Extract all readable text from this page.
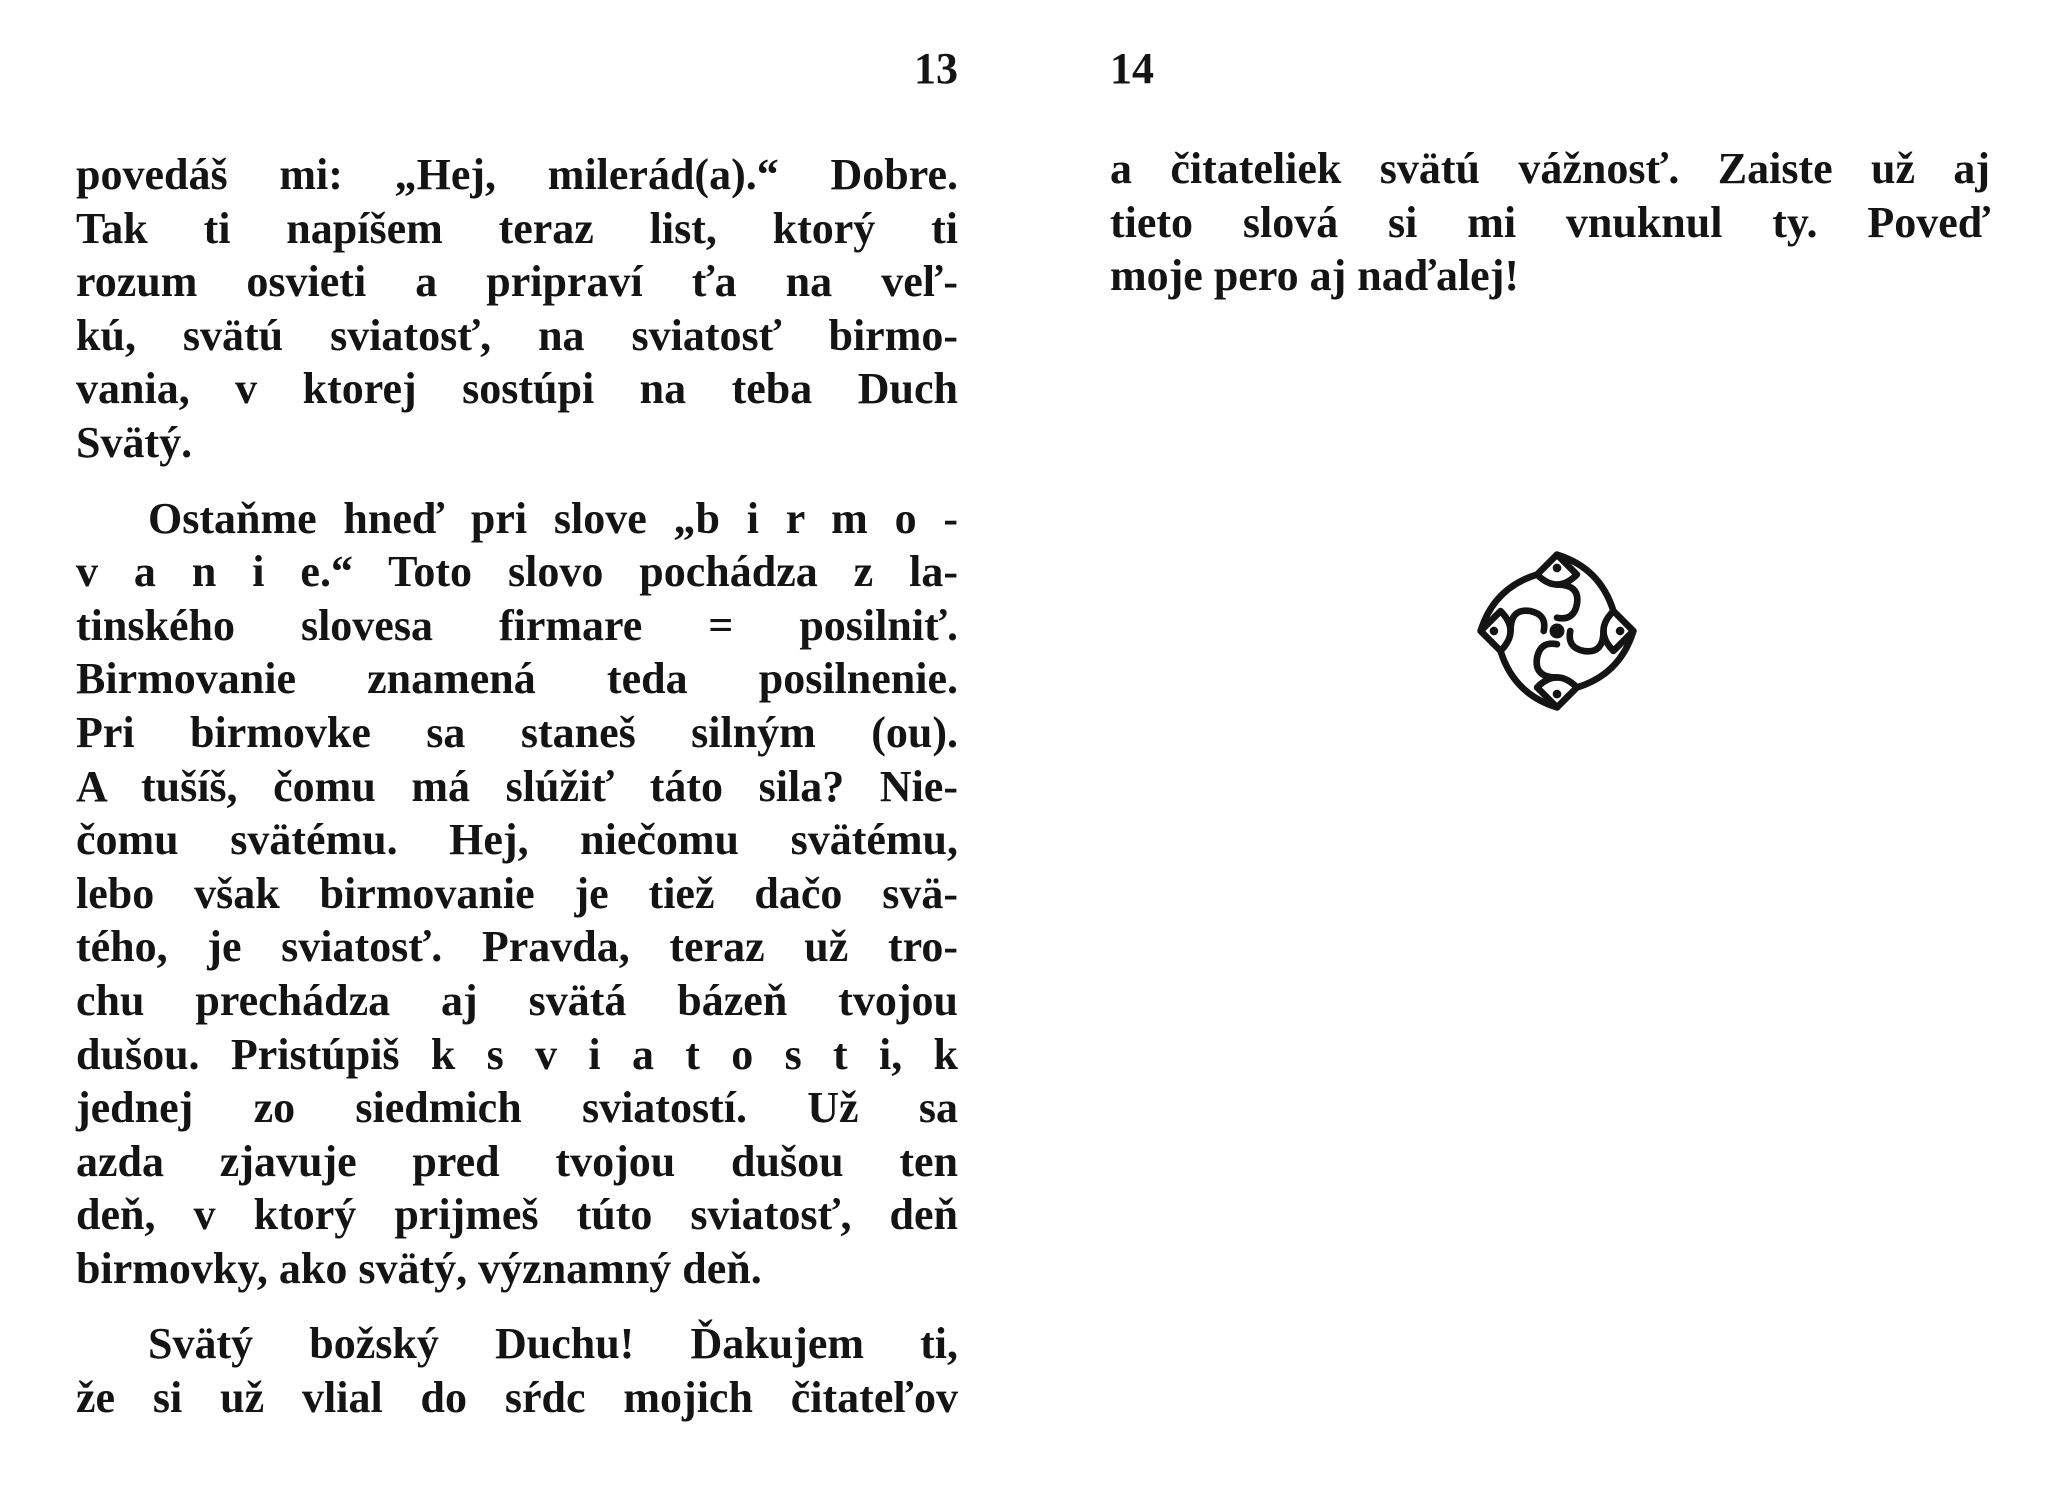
13
povedáš mi: „Hej, milerád(a).“ Dobre.
Tak ti napíšem teraz list, ktorý ti
rozum osvieti a pripraví ťa na veľ-
kú, svätú sviatosť, na sviatosť birmo-
vania, v ktorej sostúpi na teba Duch
Svätý.
Ostaňme hneď pri slove „b i r m o -
v a n i e.“ Toto slovo pochádza z la-
tinského slovesa firmare = posilniť.
Birmovanie znamená teda posilnenie.
Pri birmovke sa staneš silným (ou).
A tušíš, čomu má slúžiť táto sila? Nie-
čomu svätému. Hej, niečomu svätému,
lebo však birmovanie je tiež dačo svä-
tého, je sviatosť. Pravda, teraz už tro-
chu prechádza aj svätá bázeň tvojou
dušou. Pristúpiš k s v i a t o s t i, k
jednej zo siedmich sviatostí. Už sa
azda zjavuje pred tvojou dušou ten
deň, v ktorý prijmeš túto sviatosť, deň
birmovky, ako svätý, významný deň.
Svätý božský Duchu! Ďakujem ti,
že si už vlial do sŕdc mojich čitateľov
14
a čitateliek svätú vážnosť. Zaiste už aj
tieto slová si mi vnuknul ty. Poveď
moje pero aj naďalej!
